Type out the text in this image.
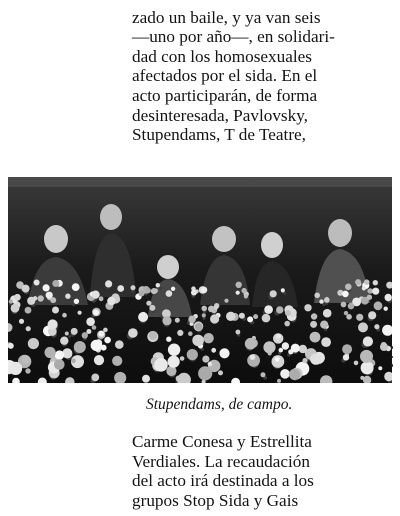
zado un baile, y ya van seis
—uno por año—, en solidari-
dad con los homosexuales
afectados por el sida. En el
acto participarán, de forma
desinteresada, Pavlovsky,
Stupendams, T de Teatre,

Stupendams, de campo.

Carme Conesa y Estrellita
Verdiales. La recaudación
del acto irá destinada a los
grupos Stop Sida y Gais
